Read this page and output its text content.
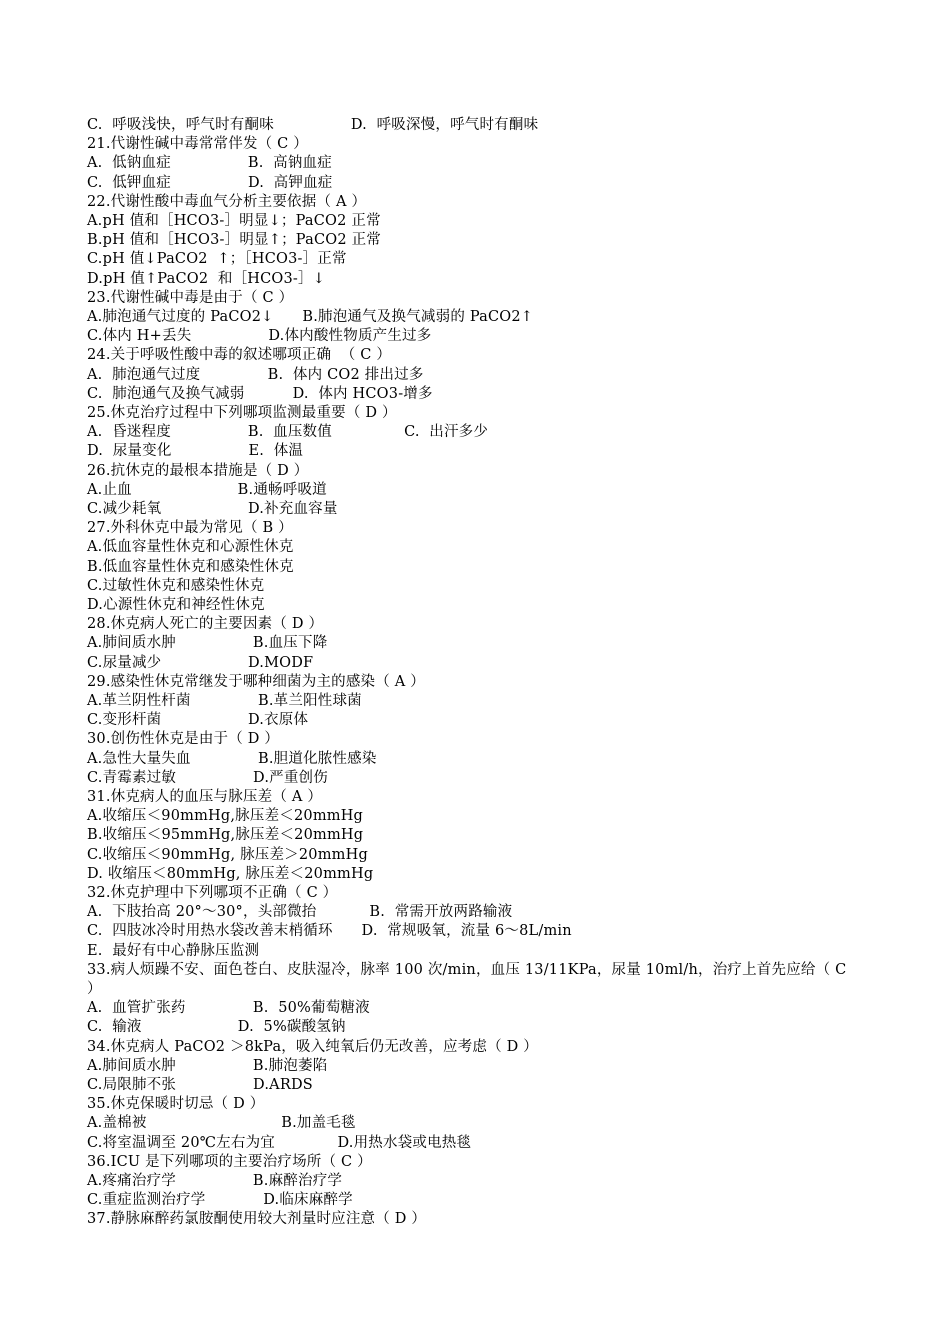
C.  呼吸浅快，呼气时有酮味                D.  呼吸深慢，呼气时有酮味
21.代谢性碱中毒常常伴发（ C ）
A.  低钠血症                B.  高钠血症
C.  低钾血症                D.  高钾血症
22.代谢性酸中毒血气分析主要依据（ A ）
A.pH 值和［HCO3-］明显↓；PaCO2 正常
B.pH 值和［HCO3-］明显↑；PaCO2 正常
C.pH 值↓PaCO2  ↑；［HCO3-］正常
D.pH 值↑PaCO2  和［HCO3-］↓
23.代谢性碱中毒是由于（ C ）
A.肺泡通气过度的 PaCO2↓      B.肺泡通气及换气减弱的 PaCO2↑
C.体内 H+丢失                D.体内酸性物质产生过多
24.关于呼吸性酸中毒的叙述哪项正确  （ C ）
A.  肺泡通气过度              B.  体内 CO2 排出过多
C.  肺泡通气及换气减弱          D.  体内 HCO3-增多
25.休克治疗过程中下列哪项监测最重要（ D ）
A.  昏迷程度                B.  血压数值               C.  出汗多少
D.  尿量变化                E.  体温
26.抗休克的最根本措施是（ D ）
A.止血                      B.通畅呼吸道
C.减少耗氧                  D.补充血容量
27.外科休克中最为常见（ B ）
A.低血容量性休克和心源性休克
B.低血容量性休克和感染性休克
C.过敏性休克和感染性休克
D.心源性休克和神经性休克
28.休克病人死亡的主要因素（ D ）
A.肺间质水肿                B.血压下降
C.尿量减少                  D.MODF
29.感染性休克常继发于哪种细菌为主的感染（ A ）
A.革兰阴性杆菌              B.革兰阳性球菌
C.变形杆菌                  D.衣原体
30.创伤性休克是由于（ D ）
A.急性大量失血              B.胆道化脓性感染
C.青霉素过敏                D.严重创伤
31.休克病人的血压与脉压差（ A ）
A.收缩压＜90mmHg,脉压差＜20mmHg
B.收缩压＜95mmHg,脉压差＜20mmHg
C.收缩压＜90mmHg, 脉压差＞20mmHg
D. 收缩压＜80mmHg, 脉压差＜20mmHg
32.休克护理中下列哪项不正确（ C ）
A.  下肢抬高 20°～30°，头部微抬           B.  常需开放两路输液
C.  四肢冰冷时用热水袋改善末梢循环      D.  常规吸氧，流量 6～8L/min
E.  最好有中心静脉压监测
33.病人烦躁不安、面色苍白、皮肤湿冷，脉率 100 次/min，血压 13/11KPa，尿量 10ml/h，治疗上首先应给（ C
）
A.  血管扩张药              B.  50%葡萄糖液
C.  输液                    D.  5%碳酸氢钠
34.休克病人 PaCO2 ＞8kPa，吸入纯氧后仍无改善，应考虑（ D ）
A.肺间质水肿                B.肺泡萎陷
C.局限肺不张                D.ARDS
35.休克保暖时切忌（ D ）
A.盖棉被                            B.加盖毛毯
C.将室温调至 20℃左右为宜             D.用热水袋或电热毯
36.ICU 是下列哪项的主要治疗场所（ C ）
A.疼痛治疗学                B.麻醉治疗学
C.重症监测治疗学            D.临床麻醉学
37.静脉麻醉药氯胺酮使用较大剂量时应注意（ D ）
